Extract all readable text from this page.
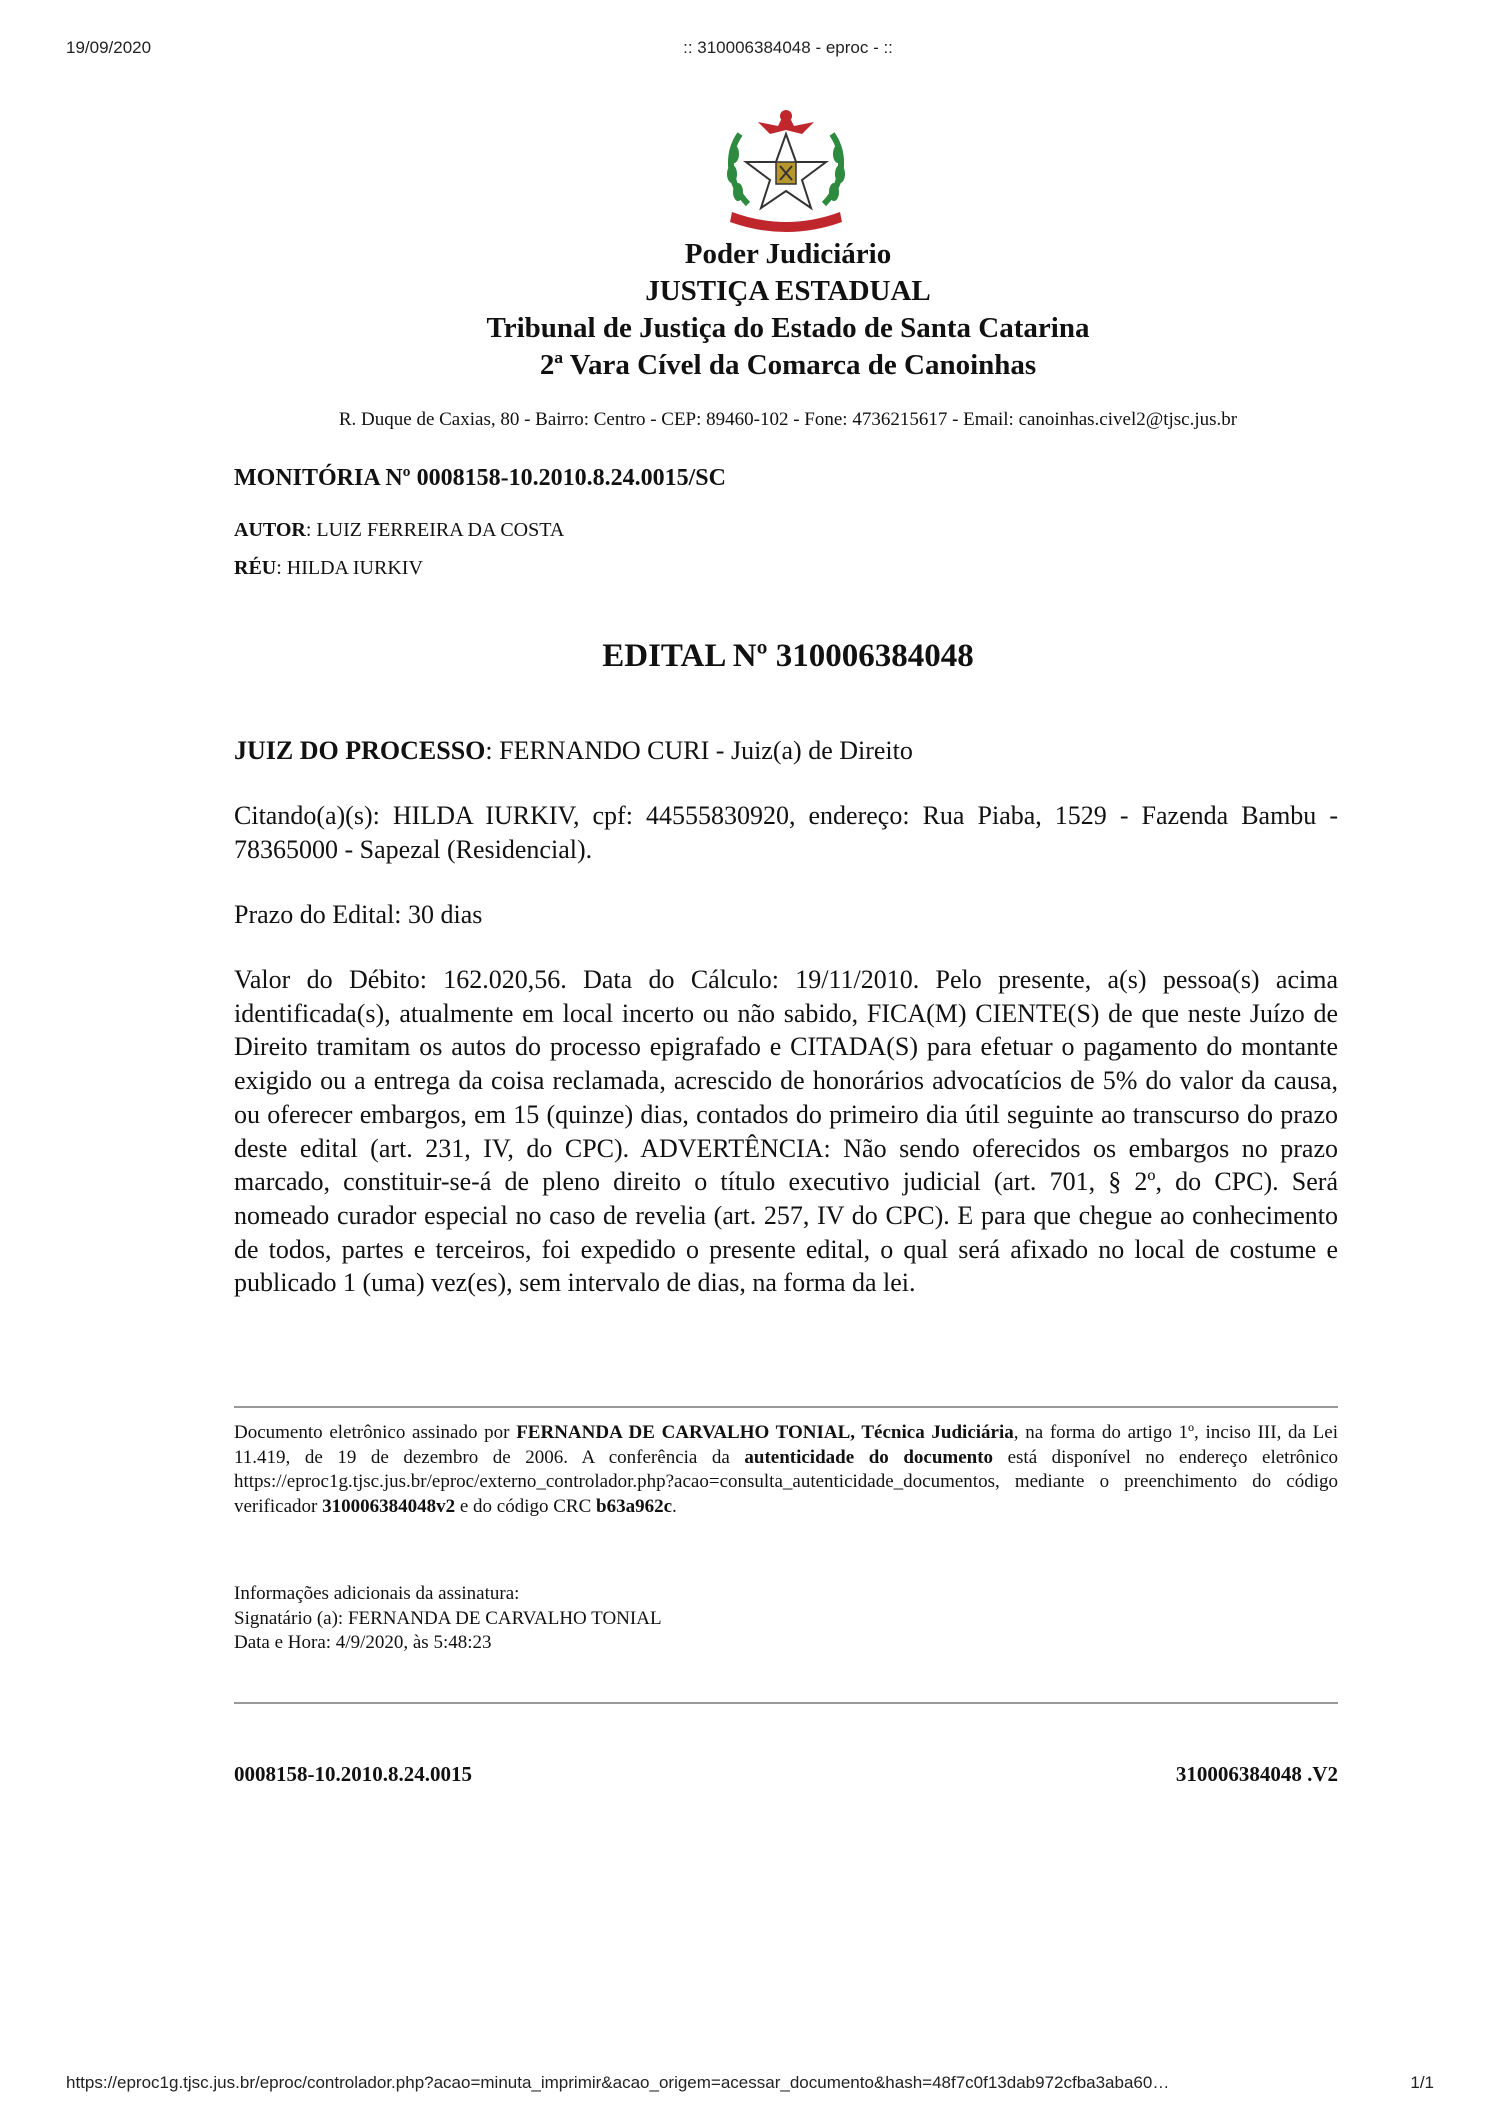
19/09/2020	:: 310006384048 - eproc - ::
Poder Judiciário
JUSTIÇA ESTADUAL
Tribunal de Justiça do Estado de Santa Catarina
2ª Vara Cível da Comarca de Canoinhas
R. Duque de Caxias, 80 - Bairro: Centro - CEP: 89460-102 - Fone: 4736215617 - Email: canoinhas.civel2@tjsc.jus.br
MONITÓRIA Nº 0008158-10.2010.8.24.0015/SC
AUTOR: LUIZ FERREIRA DA COSTA
RÉU: HILDA IURKIV
EDITAL Nº 310006384048
JUIZ DO PROCESSO: FERNANDO CURI - Juiz(a) de Direito
Citando(a)(s): HILDA IURKIV, cpf: 44555830920, endereço: Rua Piaba, 1529 - Fazenda Bambu - 78365000 - Sapezal (Residencial).
Prazo do Edital: 30 dias
Valor do Débito: 162.020,56. Data do Cálculo: 19/11/2010. Pelo presente, a(s) pessoa(s) acima identificada(s), atualmente em local incerto ou não sabido, FICA(M) CIENTE(S) de que neste Juízo de Direito tramitam os autos do processo epigrafado e CITADA(S) para efetuar o pagamento do montante exigido ou a entrega da coisa reclamada, acrescido de honorários advocatícios de 5% do valor da causa, ou oferecer embargos, em 15 (quinze) dias, contados do primeiro dia útil seguinte ao transcurso do prazo deste edital (art. 231, IV, do CPC). ADVERTÊNCIA: Não sendo oferecidos os embargos no prazo marcado, constituir-se-á de pleno direito o título executivo judicial (art. 701, § 2º, do CPC). Será nomeado curador especial no caso de revelia (art. 257, IV do CPC). E para que chegue ao conhecimento de todos, partes e terceiros, foi expedido o presente edital, o qual será afixado no local de costume e publicado 1 (uma) vez(es), sem intervalo de dias, na forma da lei.
Documento eletrônico assinado por FERNANDA DE CARVALHO TONIAL, Técnica Judiciária, na forma do artigo 1º, inciso III, da Lei 11.419, de 19 de dezembro de 2006. A conferência da autenticidade do documento está disponível no endereço eletrônico https://eproc1g.tjsc.jus.br/eproc/externo_controlador.php?acao=consulta_autenticidade_documentos, mediante o preenchimento do código verificador 310006384048v2 e do código CRC b63a962c.
Informações adicionais da assinatura:
Signatário (a): FERNANDA DE CARVALHO TONIAL
Data e Hora: 4/9/2020, às 5:48:23
0008158-10.2010.8.24.0015	310006384048 .V2
https://eproc1g.tjsc.jus.br/eproc/controlador.php?acao=minuta_imprimir&acao_origem=acessar_documento&hash=48f7c0f13dab972cfba3aba60…	1/1
